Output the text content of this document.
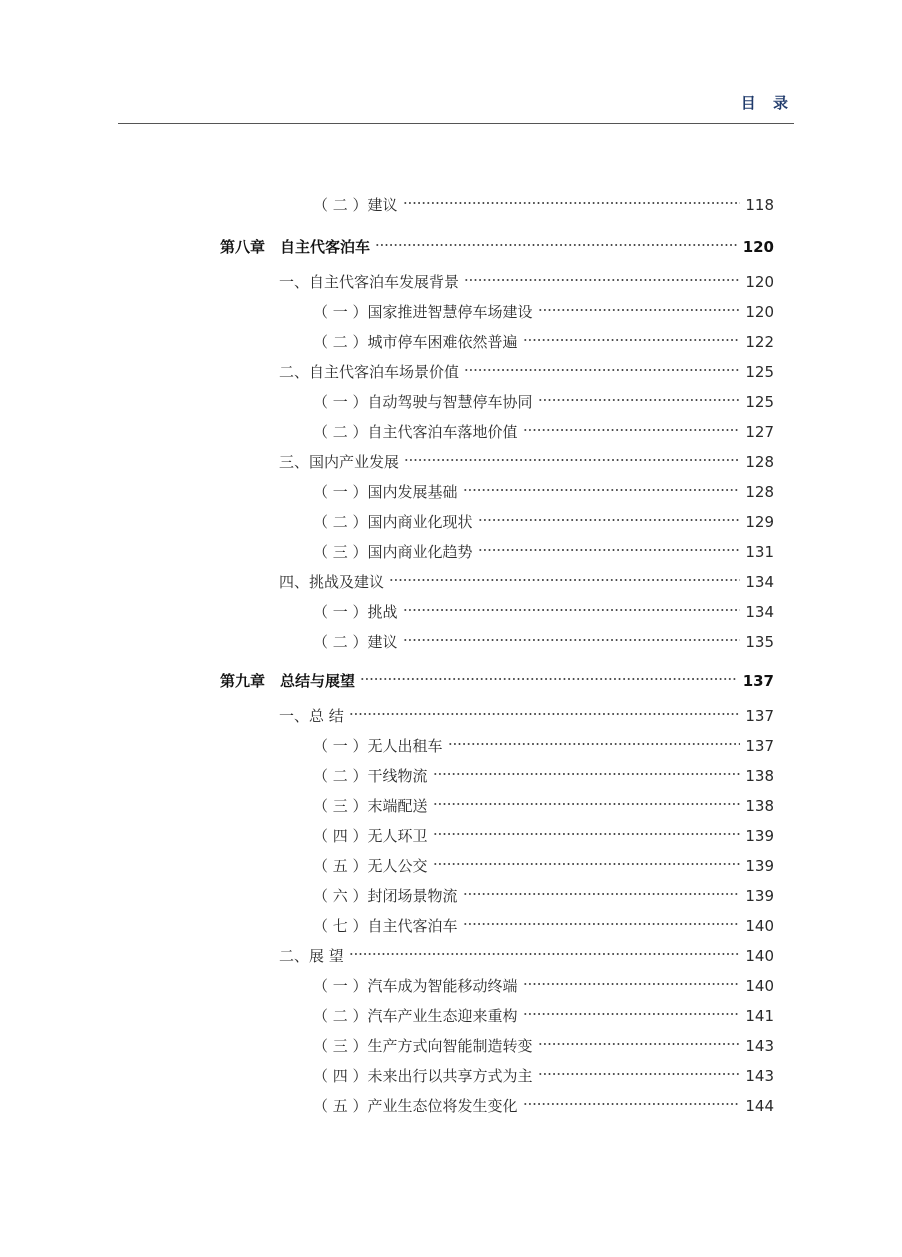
目 录
（ 二 ）建议	118
第八章　自主代客泊车	120
一、自主代客泊车发展背景	120
（ 一 ）国家推进智慧停车场建设	120
（ 二 ）城市停车困难依然普遍	122
二、自主代客泊车场景价值	125
（ 一 ）自动驾驶与智慧停车协同	125
（ 二 ）自主代客泊车落地价值	127
三、国内产业发展	128
（ 一 ）国内发展基础	128
（ 二 ）国内商业化现状	129
（ 三 ）国内商业化趋势	131
四、挑战及建议	134
（ 一 ）挑战	134
（ 二 ）建议	135
第九章　总结与展望	137
一、总 结	137
（ 一 ）无人出租车	137
（ 二 ）干线物流	138
（ 三 ）末端配送	138
（ 四 ）无人环卫	139
（ 五 ）无人公交	139
（ 六 ）封闭场景物流	139
（ 七 ）自主代客泊车	140
二、展 望	140
（ 一 ）汽车成为智能移动终端	140
（ 二 ）汽车产业生态迎来重构	141
（ 三 ）生产方式向智能制造转变	143
（ 四 ）未来出行以共享方式为主	143
（ 五 ）产业生态位将发生变化	144
